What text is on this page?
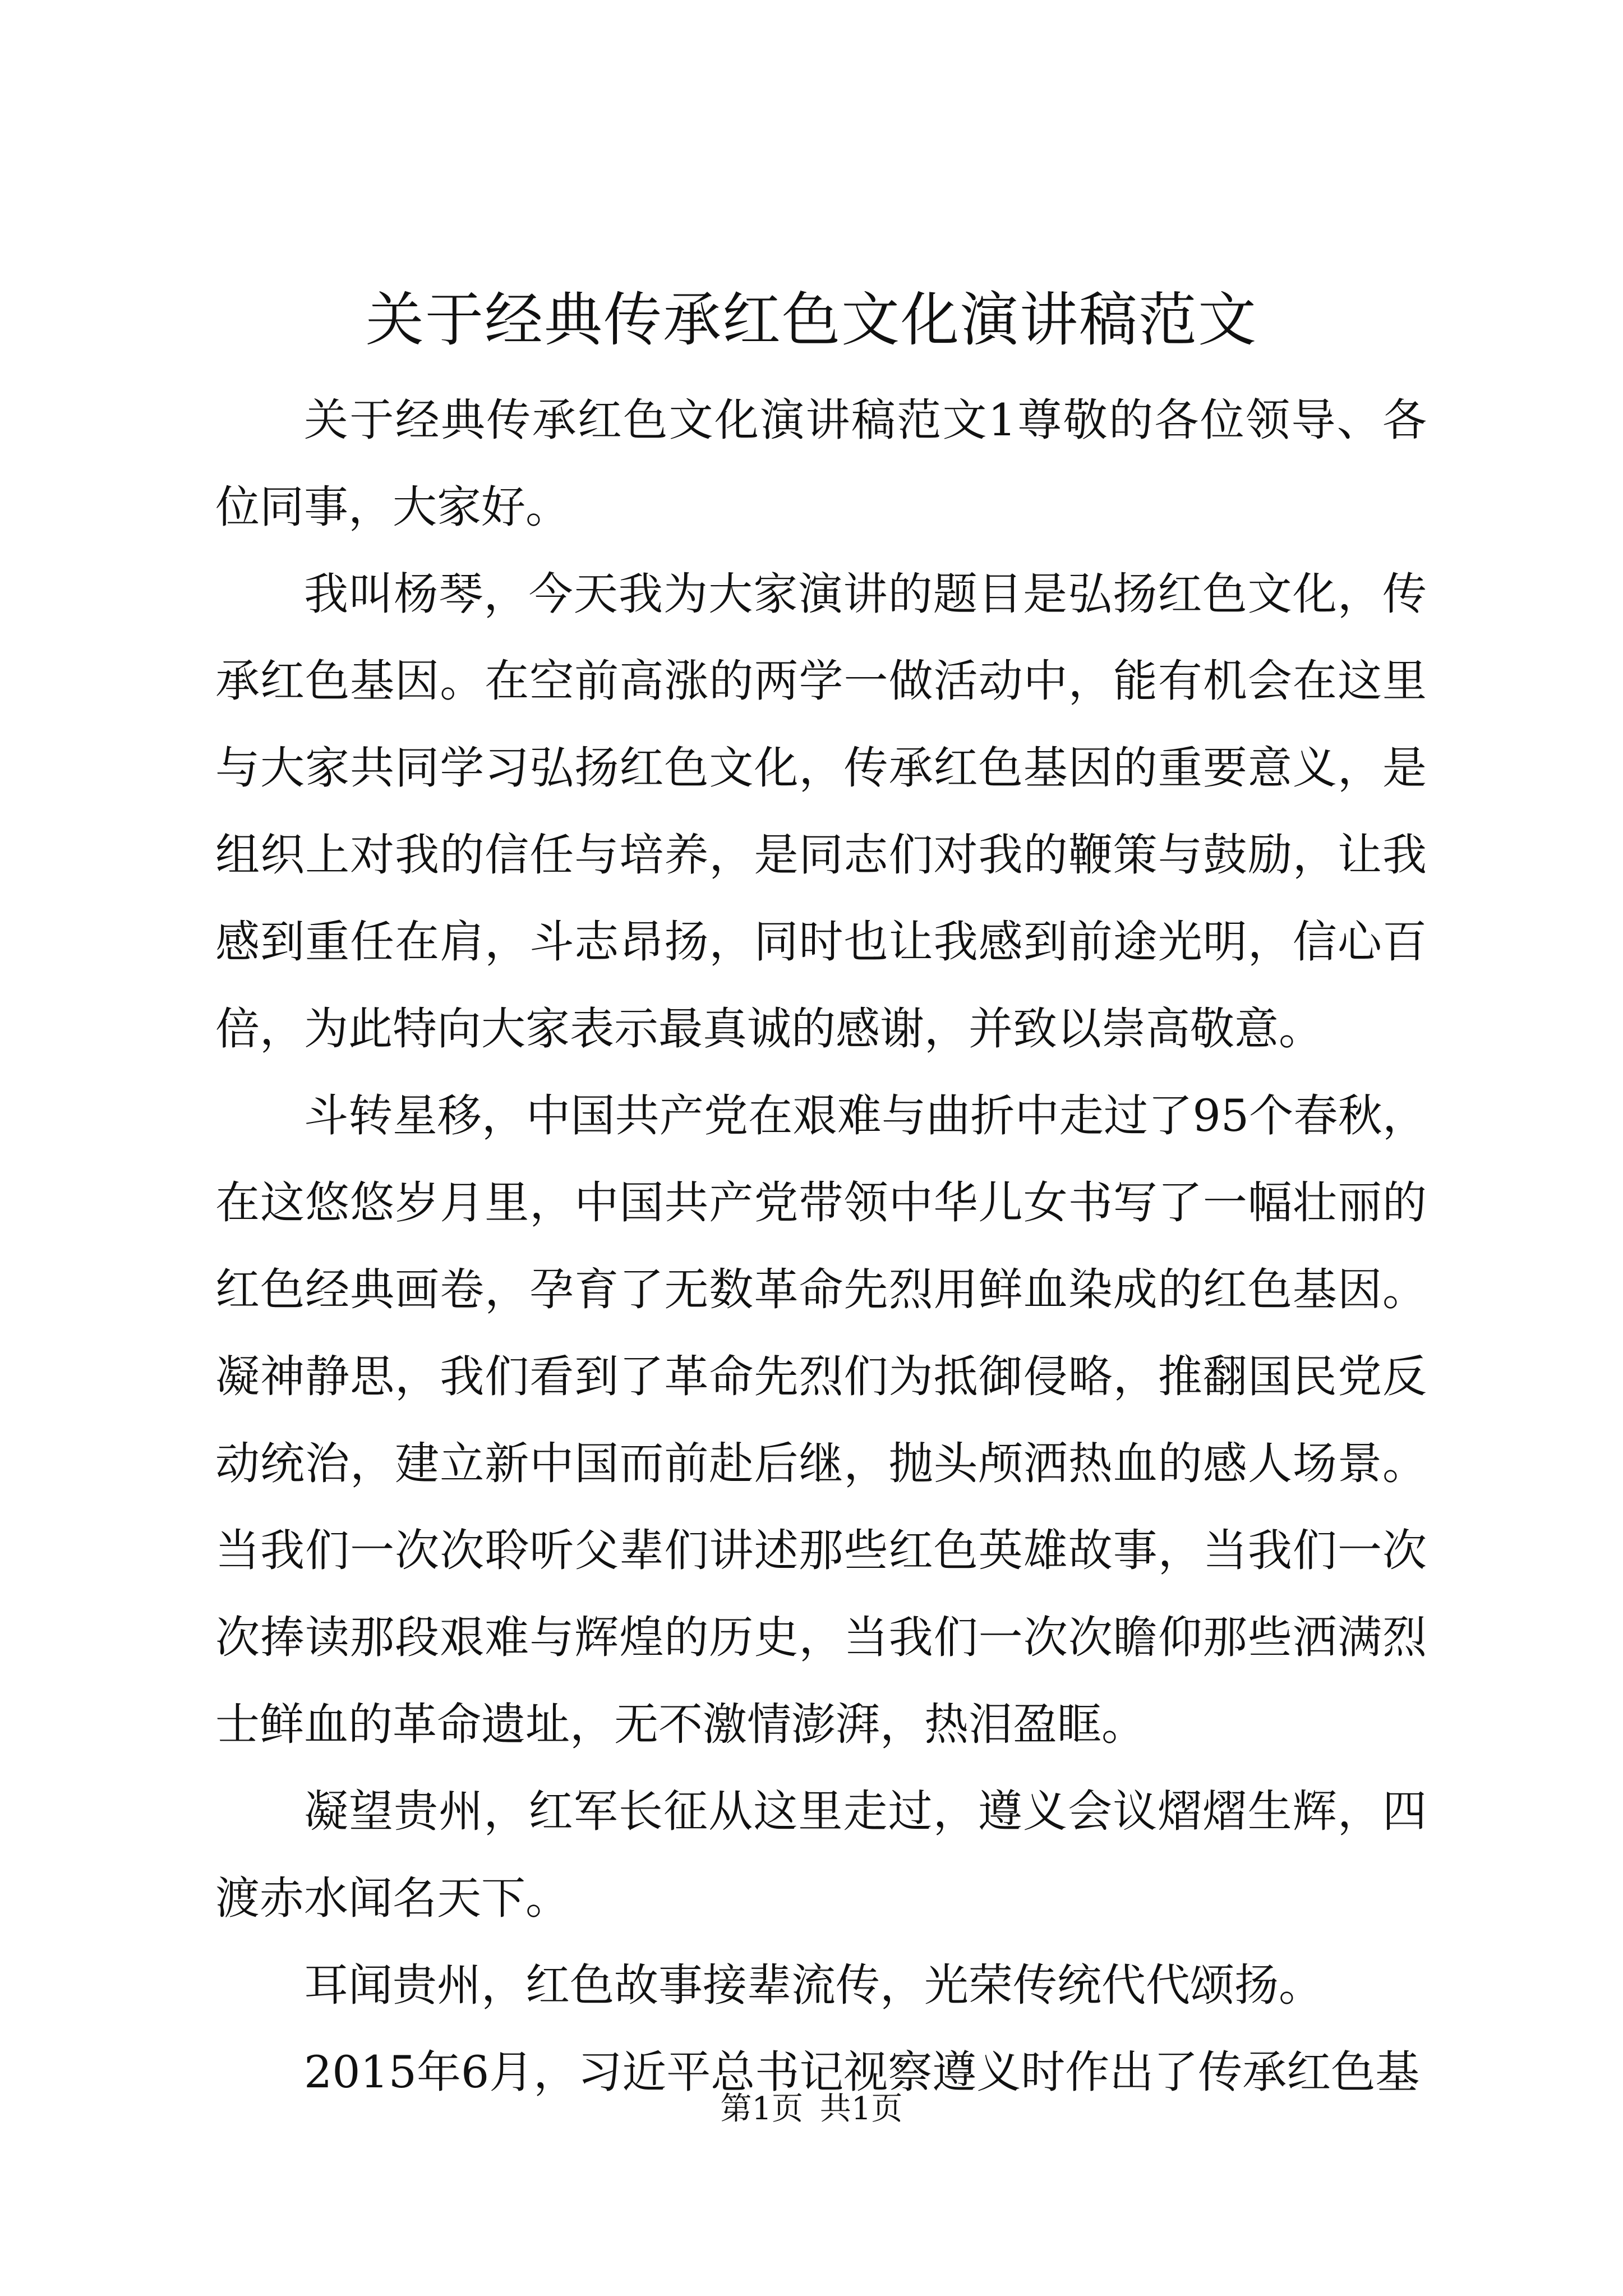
关于经典传承红色文化演讲稿范文

关于经典传承红色文化演讲稿范文1尊敬的各位领导、各位同事，大家好。

我叫杨琴，今天我为大家演讲的题目是弘扬红色文化，传承红色基因。在空前高涨的两学一做活动中，能有机会在这里与大家共同学习弘扬红色文化，传承红色基因的重要意义，是组织上对我的信任与培养，是同志们对我的鞭策与鼓励，让我感到重任在肩，斗志昂扬，同时也让我感到前途光明，信心百倍，为此特向大家表示最真诚的感谢，并致以崇高敬意。

斗转星移，中国共产党在艰难与曲折中走过了95个春秋，在这悠悠岁月里，中国共产党带领中华儿女书写了一幅壮丽的红色经典画卷，孕育了无数革命先烈用鲜血染成的红色基因。凝神静思，我们看到了革命先烈们为抵御侵略，推翻国民党反动统治，建立新中国而前赴后继，抛头颅洒热血的感人场景。当我们一次次聆听父辈们讲述那些红色英雄故事，当我们一次次捧读那段艰难与辉煌的历史，当我们一次次瞻仰那些洒满烈士鲜血的革命遗址，无不激情澎湃，热泪盈眶。

凝望贵州，红军长征从这里走过，遵义会议熠熠生辉，四渡赤水闻名天下。

耳闻贵州，红色故事接辈流传，光荣传统代代颂扬。

2015年6月，习近平总书记视察遵义时作出了传承红色基

第1页 共1页
